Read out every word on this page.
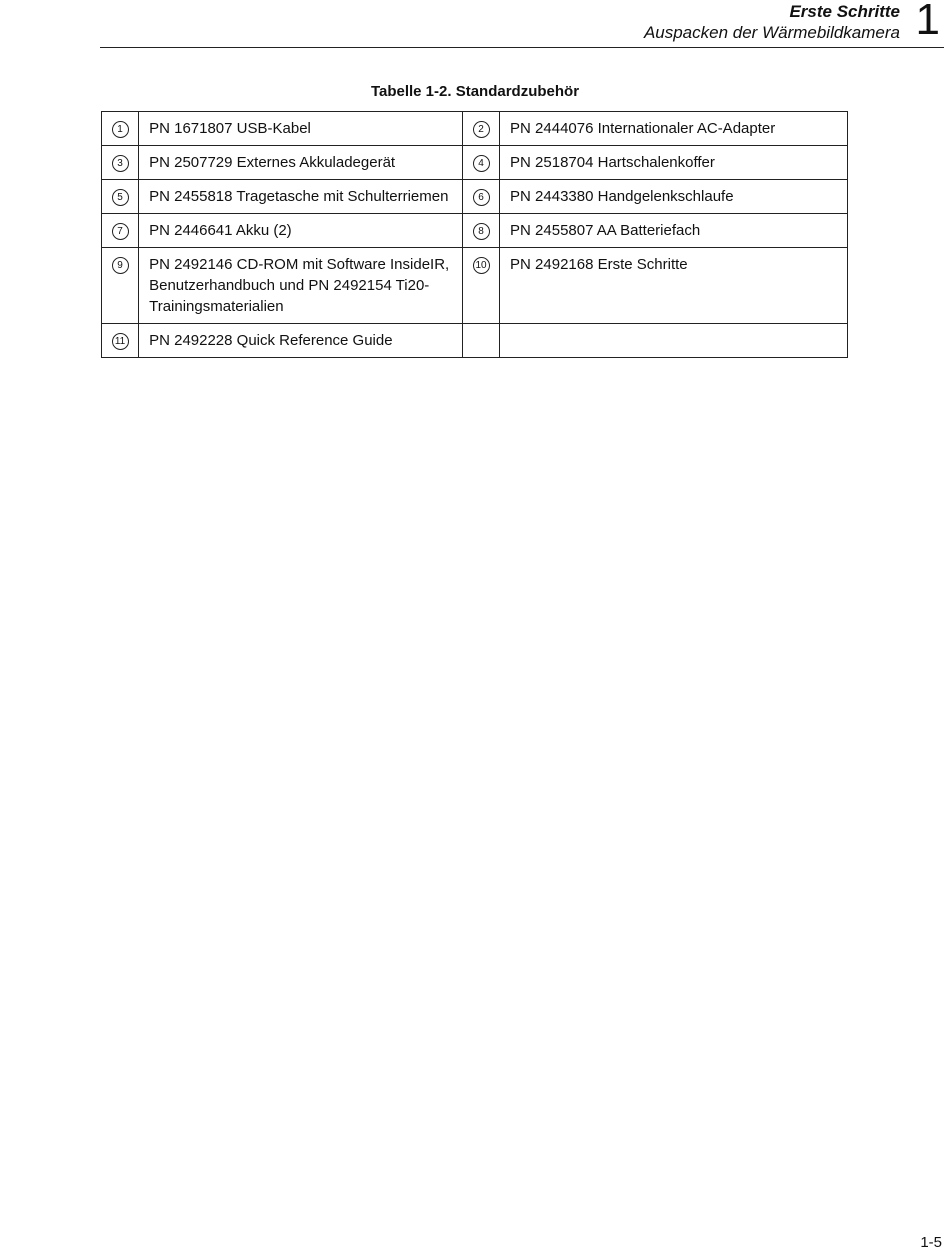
Erste Schritte
Auspacken der Wärmebildkamera 1
Tabelle 1-2. Standardzubehör
1	PN 1671807 USB-Kabel	2	PN 2444076 Internationaler AC-Adapter
3	PN 2507729 Externes Akkuladegerät	4	PN 2518704 Hartschalenkoffer
5	PN 2455818 Tragetasche mit Schulterriemen	6	PN 2443380 Handgelenkschlaufe
7	PN 2446641 Akku (2)	8	PN 2455807 AA Batteriefach
9	PN 2492146 CD-ROM mit Software InsideIR, Benutzerhandbuch und PN 2492154 Ti20-Trainingsmaterialien	10	PN 2492168 Erste Schritte
11	PN 2492228 Quick Reference Guide		
1-5
